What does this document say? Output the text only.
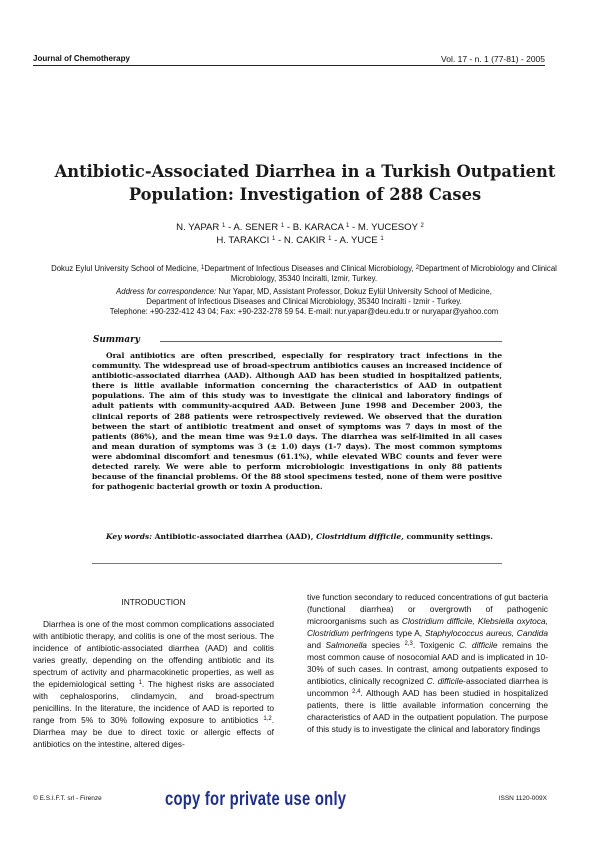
Journal of Chemotherapy	Vol. 17 - n. 1 (77-81) - 2005
Antibiotic-Associated Diarrhea in a Turkish Outpatient
Population: Investigation of 288 Cases
N. YAPAR $^1$ - A. SENER $^1$ - B. KARACA $^1$ - M. YUCESOY $^2$
H. TARAKCI $^1$ - N. CAKIR $^1$ - A. YUCE $^1$
Dokuz Eylul University School of Medicine, $^1$Department of Infectious Diseases and Clinical Microbiology, $^2$Department of Microbiology and Clinical Microbiology, 35340 Inciralti, Izmir, Turkey.
Address for correspondence: Nur Yapar, MD, Assistant Professor, Dokuz Eylül University School of Medicine,
Department of Infectious Diseases and Clinical Microbiology, 35340 Inciralti - Izmir - Turkey.
Telephone: +90-232-412 43 04; Fax: +90-232-278 59 54. E-mail: nur.yapar@deu.edu.tr or nuryapar@yahoo.com
Summary
Oral antibiotics are often prescribed, especially for respiratory tract infections in the community. The widespread use of broad-spectrum antibiotics causes an increased incidence of antibiotic-associated diarrhea (AAD). Although AAD has been studied in hospitalized patients, there is little available information concerning the characteristics of AAD in outpatient populations. The aim of this study was to investigate the clinical and laboratory findings of adult patients with community-acquired AAD. Between June 1998 and December 2003, the clinical reports of 288 patients were retrospectively reviewed. We observed that the duration between the start of antibiotic treatment and onset of symptoms was 7 days in most of the patients (86%), and the mean time was 9±1.0 days. The diarrhea was self-limited in all cases and mean duration of symptoms was 3 (± 1.0) days (1-7 days). The most common symptoms were abdominal discomfort and tenesmus (61.1%), while elevated WBC counts and fever were detected rarely. We were able to perform microbiologic investigations in only 88 patients because of the financial problems. Of the 88 stool specimens tested, none of them were positive for pathogenic bacterial growth or toxin A production.
Key words: Antibiotic-associated diarrhea (AAD), Clostridium difficile, community settings.
INTRODUCTION
Diarrhea is one of the most common complications associated with antibiotic therapy, and colitis is one of the most serious. The incidence of antibiotic-associated diarrhea (AAD) and colitis varies greatly, depending on the offending antibiotic and its spectrum of activity and pharmacokinetic properties, as well as the epidemiological setting $^1$. The highest risks are associated with cephalosporins, clindamycin, and broad-spectrum penicillins. In the literature, the incidence of AAD is reported to range from 5% to 30% following exposure to antibiotics $^{1,2}$. Diarrhea may be due to direct toxic or allergic effects of antibiotics on the intestine, altered diges-
tive function secondary to reduced concentrations of gut bacteria (functional diarrhea) or overgrowth of pathogenic microorganisms such as Clostridium difficile, Klebsiella oxytoca, Clostridium perfringens type A, Staphylococcus aureus, Candida and Salmonella species $^{2,3}$. Toxigenic C. difficile remains the most common cause of nosocomial AAD and is implicated in 10-30% of such cases. In contrast, among outpatients exposed to antibiotics, clinically recognized C. difficile-associated diarrhea is uncommon $^{2,4}$. Although AAD has been studied in hospitalized patients, there is little available information concerning the characteristics of AAD in the outpatient population. The purpose of this study is to investigate the clinical and laboratory findings
© E.S.I.F.T. srl - Firenze	copy for private use only	ISSN 1120-009X
